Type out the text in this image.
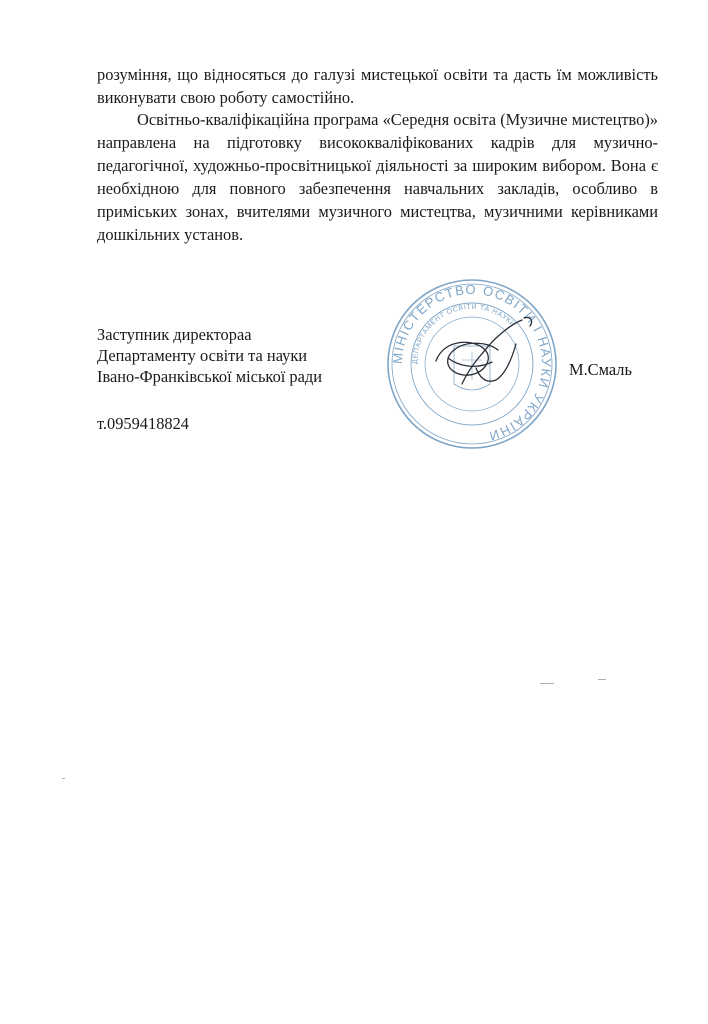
розуміння, що відносяться до галузі мистецької освіти та дасть їм можливість виконувати свою роботу самостійно.

Освітньо-кваліфікаційна програма «Середня освіта (Музичне мистецтво)» направлена на підготовку висококваліфікованих кадрів для музично-педагогічної, художньо-просвітницької діяльності за широким вибором. Вона є необхідною для повного забезпечення навчальних закладів, особливо в приміських зонах, вчителями музичного мистецтва, музичними керівниками дошкільних установ.

Заступник директораа
Департаменту освіти та науки
Івано-Франківської міської ради	М.Смаль
т.0959418824
МІНІСТЕРСТВО ОСВІТИ І НАУКИ УКРАЇНИ
ДЕПАРТАМЕНТ ОСВІТИ ТА НАУКИ
